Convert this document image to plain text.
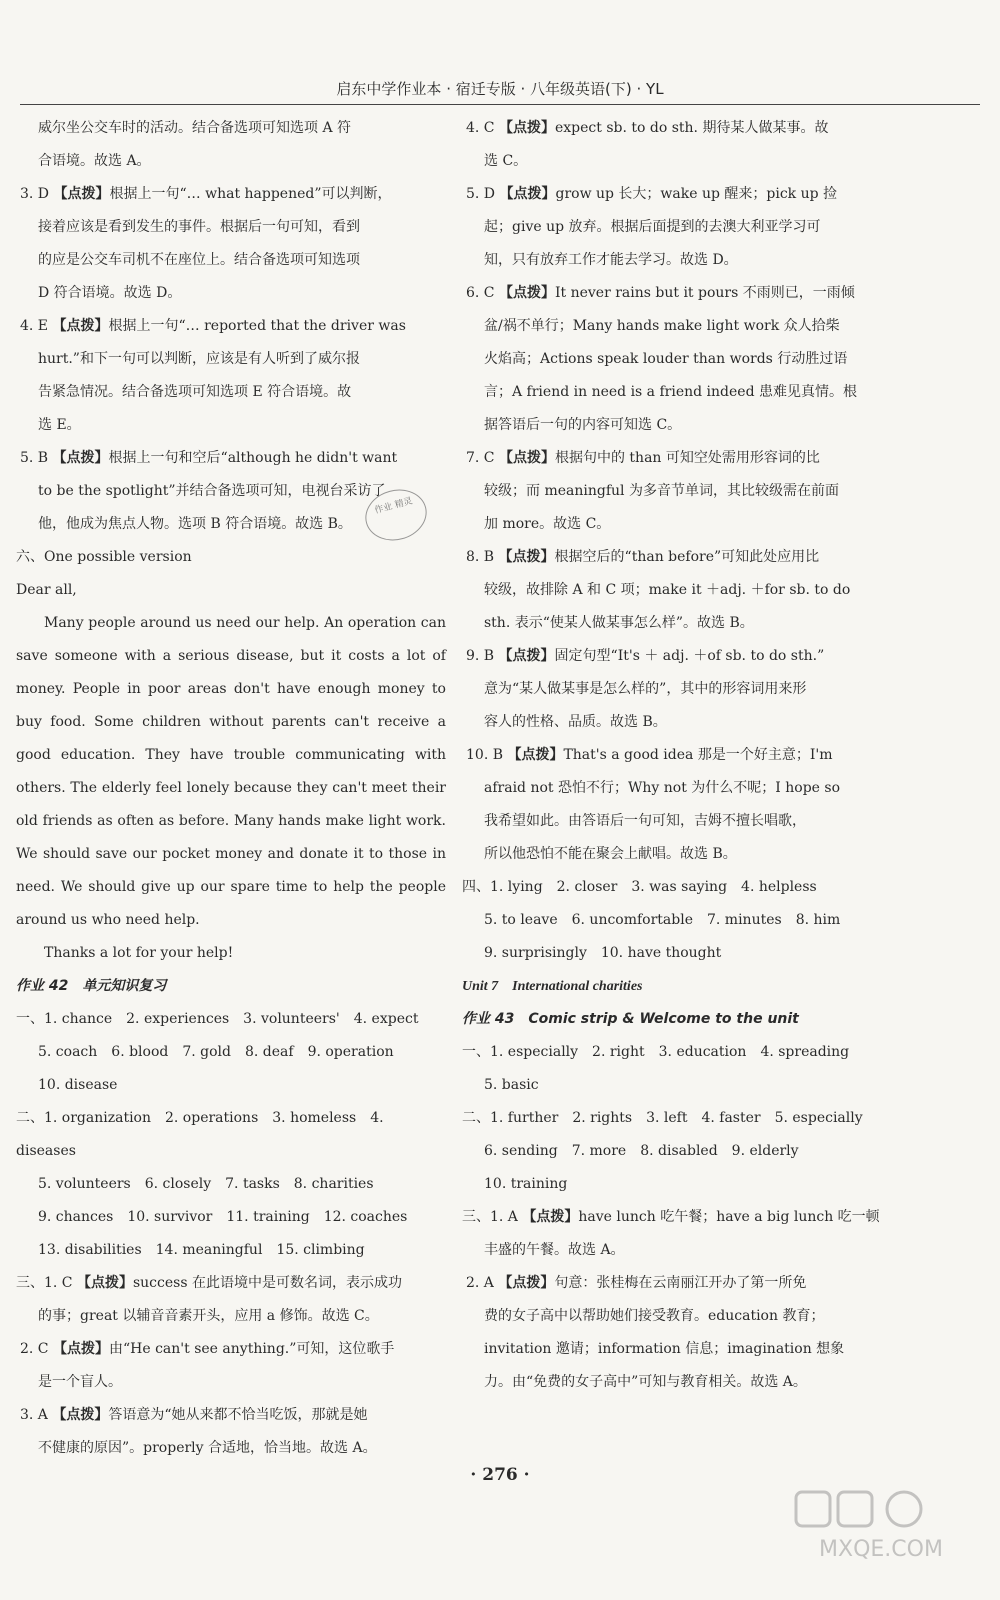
启东中学作业本 · 宿迁专版 · 八年级英语(下) · YL

威尔坐公交车时的活动。结合备选项可知选项 A 符

合语境。故选 A。

3. D 【点拨】根据上一句“… what happened”可以判断，

接着应该是看到发生的事件。根据后一句可知，看到

的应是公交车司机不在座位上。结合备选项可知选项

D 符合语境。故选 D。

4. E 【点拨】根据上一句“… reported that the driver was

hurt.”和下一句可以判断，应该是有人听到了威尔报

告紧急情况。结合备选项可知选项 E 符合语境。故

选 E。

5. B 【点拨】根据上一句和空后“although he didn't want

to be the spotlight”并结合备选项可知，电视台采访了

他，他成为焦点人物。选项 B 符合语境。故选 B。

六、One possible version

Dear all,

Many people around us need our help. An operation can save someone with a serious disease, but it costs a lot of money. People in poor areas don't have enough money to buy food. Some children without parents can't receive a good education. They have trouble communicating with others. The elderly feel lonely because they can't meet their old friends as often as before. Many hands make light work. We should save our pocket money and donate it to those in need. We should give up our spare time to help the people around us who need help.

Thanks a lot for your help!

作业 42　单元知识复习

一、1. chance　2. experiences　3. volunteers'　4. expect

5. coach　6. blood　7. gold　8. deaf　9. operation

10. disease

二、1. organization　2. operations　3. homeless　4. diseases

5. volunteers　6. closely　7. tasks　8. charities

9. chances　10. survivor　11. training　12. coaches

13. disabilities　14. meaningful　15. climbing

三、1. C 【点拨】success 在此语境中是可数名词，表示成功

的事；great 以辅音音素开头，应用 a 修饰。故选 C。

2. C 【点拨】由“He can't see anything.”可知，这位歌手

是一个盲人。

3. A 【点拨】答语意为“她从来都不恰当吃饭，那就是她

不健康的原因”。properly 合适地，恰当地。故选 A。

4. C 【点拨】expect sb. to do sth. 期待某人做某事。故

选 C。

5. D 【点拨】grow up 长大；wake up 醒来；pick up 捡

起；give up 放弃。根据后面提到的去澳大利亚学习可

知，只有放弃工作才能去学习。故选 D。

6. C 【点拨】It never rains but it pours 不雨则已，一雨倾

盆/祸不单行；Many hands make light work 众人拾柴

火焰高；Actions speak louder than words 行动胜过语

言；A friend in need is a friend indeed 患难见真情。根

据答语后一句的内容可知选 C。

7. C 【点拨】根据句中的 than 可知空处需用形容词的比

较级；而 meaningful 为多音节单词，其比较级需在前面

加 more。故选 C。

8. B 【点拨】根据空后的“than before”可知此处应用比

较级，故排除 A 和 C 项；make it ＋adj. ＋for sb. to do

sth. 表示“使某人做某事怎么样”。故选 B。

9. B 【点拨】固定句型“It's ＋ adj. ＋of sb. to do sth.”

意为“某人做某事是怎么样的”，其中的形容词用来形

容人的性格、品质。故选 B。

10. B 【点拨】That's a good idea 那是一个好主意；I'm

afraid not 恐怕不行；Why not 为什么不呢；I hope so

我希望如此。由答语后一句可知，吉姆不擅长唱歌，

所以他恐怕不能在聚会上献唱。故选 B。

四、1. lying　2. closer　3. was saying　4. helpless

5. to leave　6. uncomfortable　7. minutes　8. him

9. surprisingly　10. have thought

Unit 7　International charities

作业 43　Comic strip & Welcome to the unit

一、1. especially　2. right　3. education　4. spreading

5. basic

二、1. further　2. rights　3. left　4. faster　5. especially

6. sending　7. more　8. disabled　9. elderly

10. training

三、1. A 【点拨】have lunch 吃午餐；have a big lunch 吃一顿

丰盛的午餐。故选 A。

2. A 【点拨】句意：张桂梅在云南丽江开办了第一所免

费的女子高中以帮助她们接受教育。education 教育；

invitation 邀请；information 信息；imagination 想象

力。由“免费的女子高中”可知与教育相关。故选 A。

作业 精灵
· 276 ·
MXQE.COM
